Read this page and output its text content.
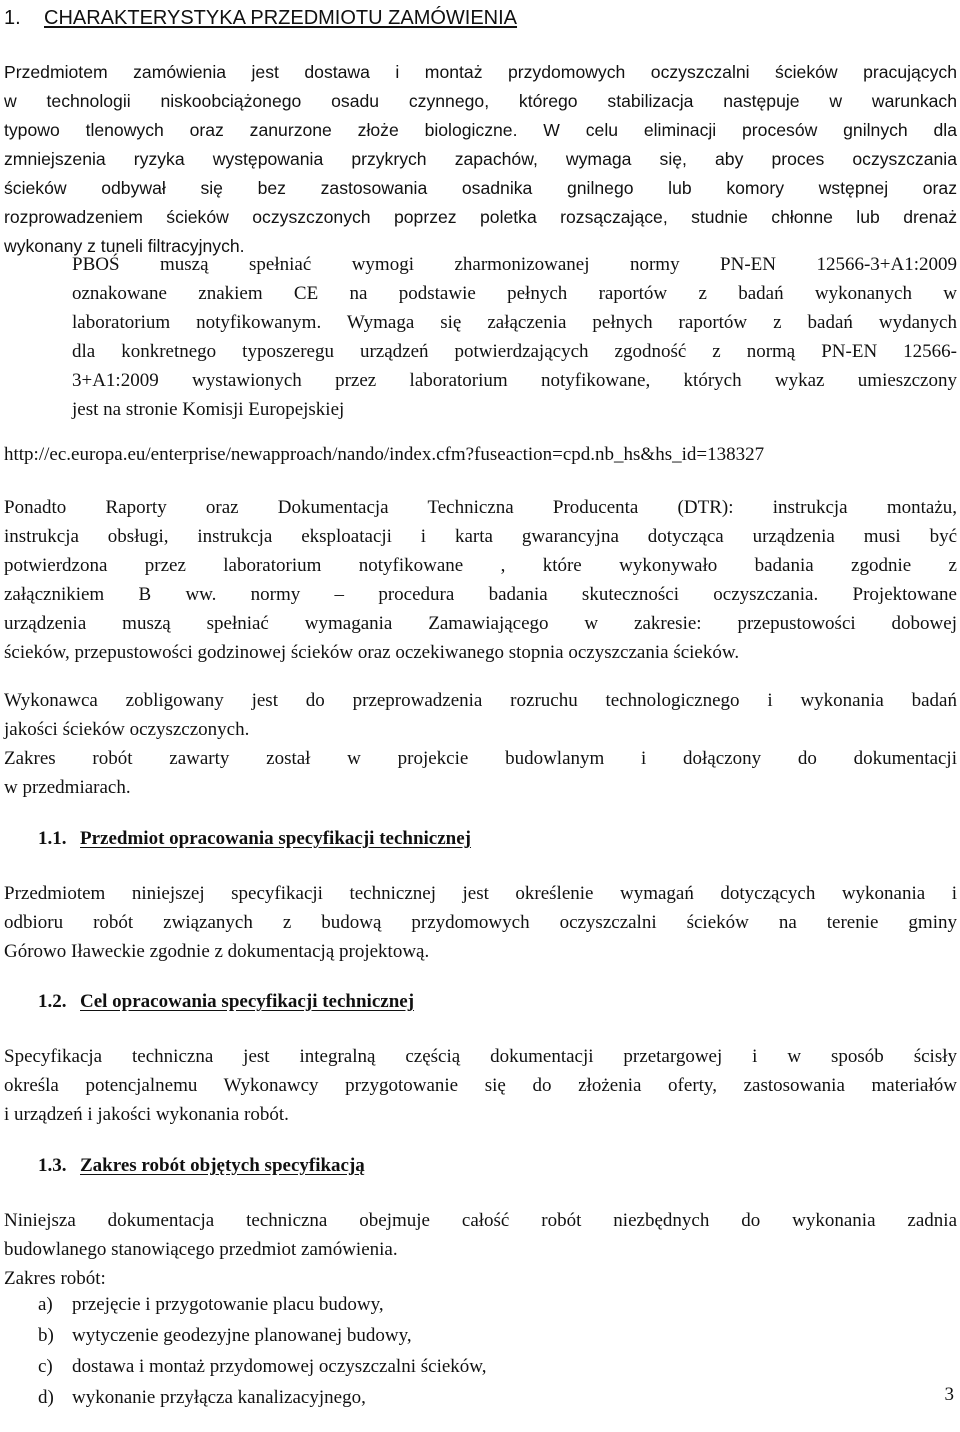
1. CHARAKTERYSTYKA PRZEDMIOTU ZAMÓWIENIA
Przedmiotem zamówienia jest dostawa i montaż przydomowych oczyszczalni ścieków pracujących
w technologii niskoobciążonego osadu czynnego, którego stabilizacja następuje w warunkach
typowo tlenowych oraz zanurzone złoże biologiczne. W celu eliminacji procesów gnilnych dla
zmniejszenia ryzyka występowania przykrych zapachów, wymaga się, aby proces oczyszczania
ścieków odbywał się bez zastosowania osadnika gnilnego lub komory wstępnej oraz
rozprowadzeniem ścieków oczyszczonych poprzez poletka rozsączające, studnie chłonne lub drenaż
wykonany z tuneli filtracyjnych.
PBOŚ muszą spełniać wymogi zharmonizowanej normy PN-EN 12566-3+A1:2009
oznakowane znakiem CE na podstawie pełnych raportów z badań wykonanych w
laboratorium notyfikowanym. Wymaga się załączenia pełnych raportów z badań wydanych
dla konkretnego typoszeregu urządzeń potwierdzających zgodność z normą PN-EN 12566-
3+A1:2009 wystawionych przez laboratorium notyfikowane, których wykaz umieszczony
jest na stronie Komisji Europejskiej
http://ec.europa.eu/enterprise/newapproach/nando/index.cfm?fuseaction=cpd.nb_hs&hs_id=138327
Ponadto Raporty oraz Dokumentacja Techniczna Producenta (DTR): instrukcja montażu,
instrukcja obsługi, instrukcja eksploatacji i karta gwarancyjna dotycząca urządzenia musi być
potwierdzona przez laboratorium notyfikowane , które wykonywało badania zgodnie z
załącznikiem B ww. normy – procedura badania skuteczności oczyszczania. Projektowane
urządzenia muszą spełniać wymagania Zamawiającego w zakresie: przepustowości dobowej
ścieków, przepustowości godzinowej ścieków oraz oczekiwanego stopnia oczyszczania ścieków.
Wykonawca zobligowany jest do przeprowadzenia rozruchu technologicznego i wykonania badań
jakości ścieków oczyszczonych.
Zakres robót zawarty został w projekcie budowlanym i dołączony do dokumentacji
w przedmiarach.
1.1. Przedmiot opracowania specyfikacji technicznej
Przedmiotem niniejszej specyfikacji technicznej jest określenie wymagań dotyczących wykonania i
odbioru robót związanych z budową przydomowych oczyszczalni ścieków na terenie gminy
Górowo Iławeckie zgodnie z dokumentacją projektową.
1.2. Cel opracowania specyfikacji technicznej
Specyfikacja techniczna jest integralną częścią dokumentacji przetargowej i w sposób ścisły
określa potencjalnemu Wykonawcy przygotowanie się do złożenia oferty, zastosowania materiałów
i urządzeń i jakości wykonania robót.
1.3. Zakres robót objętych specyfikacją
Niniejsza dokumentacja techniczna obejmuje całość robót niezbędnych do wykonania zadnia
budowlanego stanowiącego przedmiot zamówienia.
Zakres robót:
a) przejęcie i przygotowanie placu budowy,
b) wytyczenie geodezyjne planowanej budowy,
c) dostawa i montaż przydomowej oczyszczalni ścieków,
d) wykonanie przyłącza kanalizacyjnego,	3
